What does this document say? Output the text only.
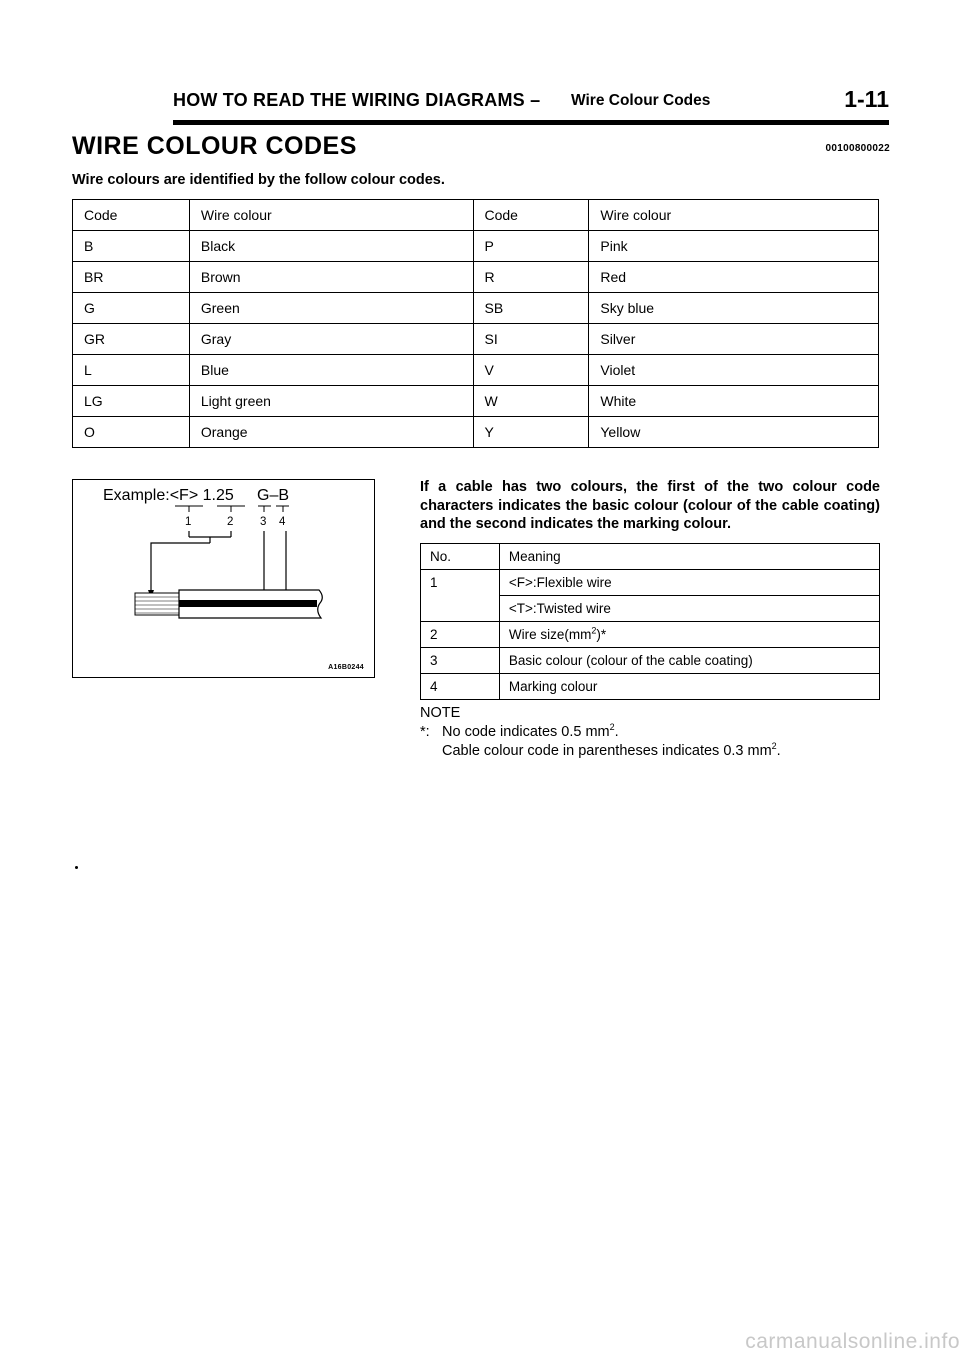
HOW TO READ THE WIRING DIAGRAMS – Wire Colour Codes	1-11
WIRE COLOUR CODES	00100800022

Wire colours are identified by the follow colour codes.

Code	Wire colour	Code	Wire colour
B	Black	P	Pink
BR	Brown	R	Red
G	Green	SB	Sky blue
GR	Gray	SI	Silver
L	Blue	V	Violet
LG	Light green	W	White
O	Orange	Y	Yellow
Example:<F> 1.25 G–B
1	2 3 4
A16B0244

If a cable has two colours, the first of the two colour code characters indicates the basic colour (colour of the cable coating) and the second indicates the marking colour.

No.	Meaning
1	<F>:Flexible wire
	<T>:Twisted wire
2	Wire $size(mm^2)*$
3	Basic colour (colour of the cable coating)
4	Marking colour
NOTE
*: No code indicates 0.5 $mm^2$.
Cable colour code in parentheses indicates 0.3 $mm^2$.
carmanualsonline.info
